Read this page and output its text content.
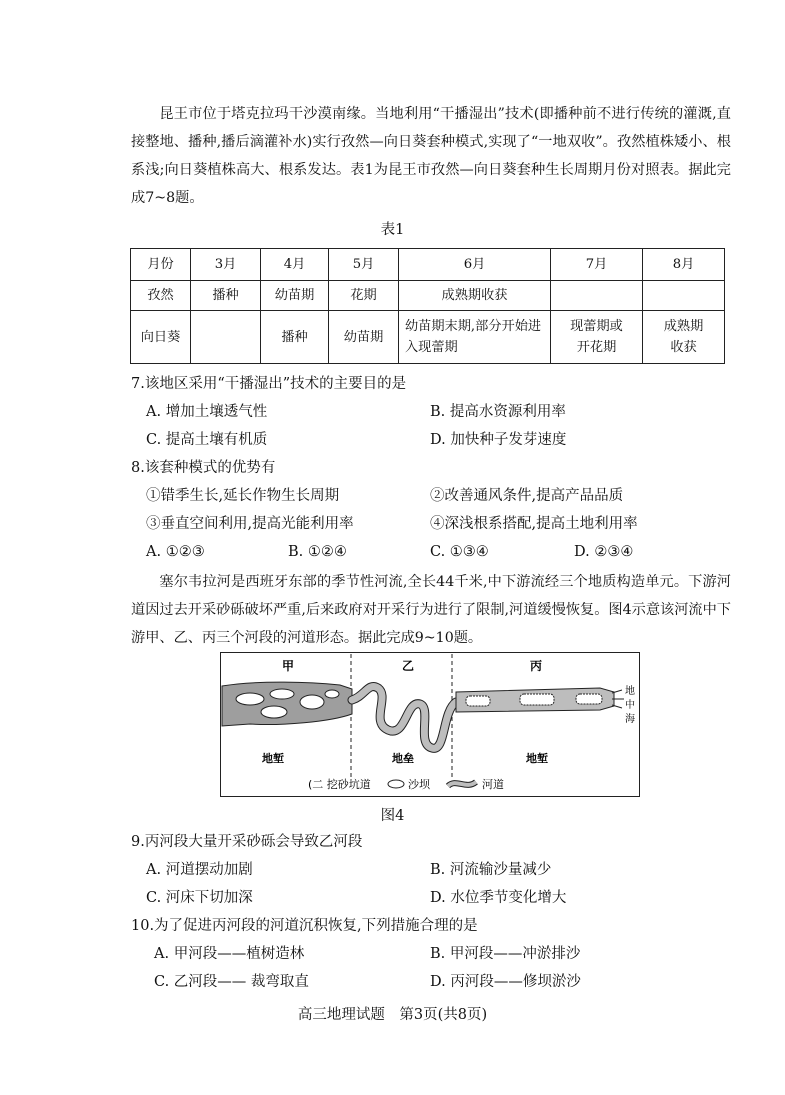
昆王市位于塔克拉玛干沙漠南缘。当地利用“干播湿出”技术(即播种前不进行传统的灌溉,直接整地、播种,播后滴灌补水)实行孜然—向日葵套种模式,实现了“一地双收”。孜然植株矮小、根系浅;向日葵植株高大、根系发达。表1为昆王市孜然—向日葵套种生长周期月份对照表。据此完成7~8题。
表1
月份	3月	4月	5月	6月	7月	8月
孜然	播种	幼苗期	花期	成熟期收获		
向日葵		播种	幼苗期	幼苗期末期,部分开始进入现蕾期	现蕾期或开花期	成熟期收获
7.该地区采用“干播湿出”技术的主要目的是
A. 增加土壤透气性	B. 提高水资源利用率
C. 提高土壤有机质	D. 加快种子发芽速度
8.该套种模式的优势有
①错季生长,延长作物生长周期	②改善通风条件,提高产品品质
③垂直空间利用,提高光能利用率	④深浅根系搭配,提高土地利用率
A. ①②③	B. ①②④	C. ①③④	D. ②③④
塞尔韦拉河是西班牙东部的季节性河流,全长44千米,中下游流经三个地质构造单元。下游河道因过去开采砂砾破坏严重,后来政府对开采行为进行了限制,河道缓慢恢复。图4示意该河流中下游甲、乙、丙三个河段的河道形态。据此完成9~10题。
甲	乙	丙
地
中
海
地堑	地垒	地堑
(二 挖砂坑道	沙坝	河道
图4
9.丙河段大量开采砂砾会导致乙河段
A. 河道摆动加剧	B. 河流输沙量减少
C. 河床下切加深	D. 水位季节变化增大
10.为了促进丙河段的河道沉积恢复,下列措施合理的是
A. 甲河段——植树造林	B. 甲河段——冲淤排沙
C. 乙河段—— 裁弯取直	D. 丙河段——修坝淤沙
高三地理试题　第3页(共8页)
